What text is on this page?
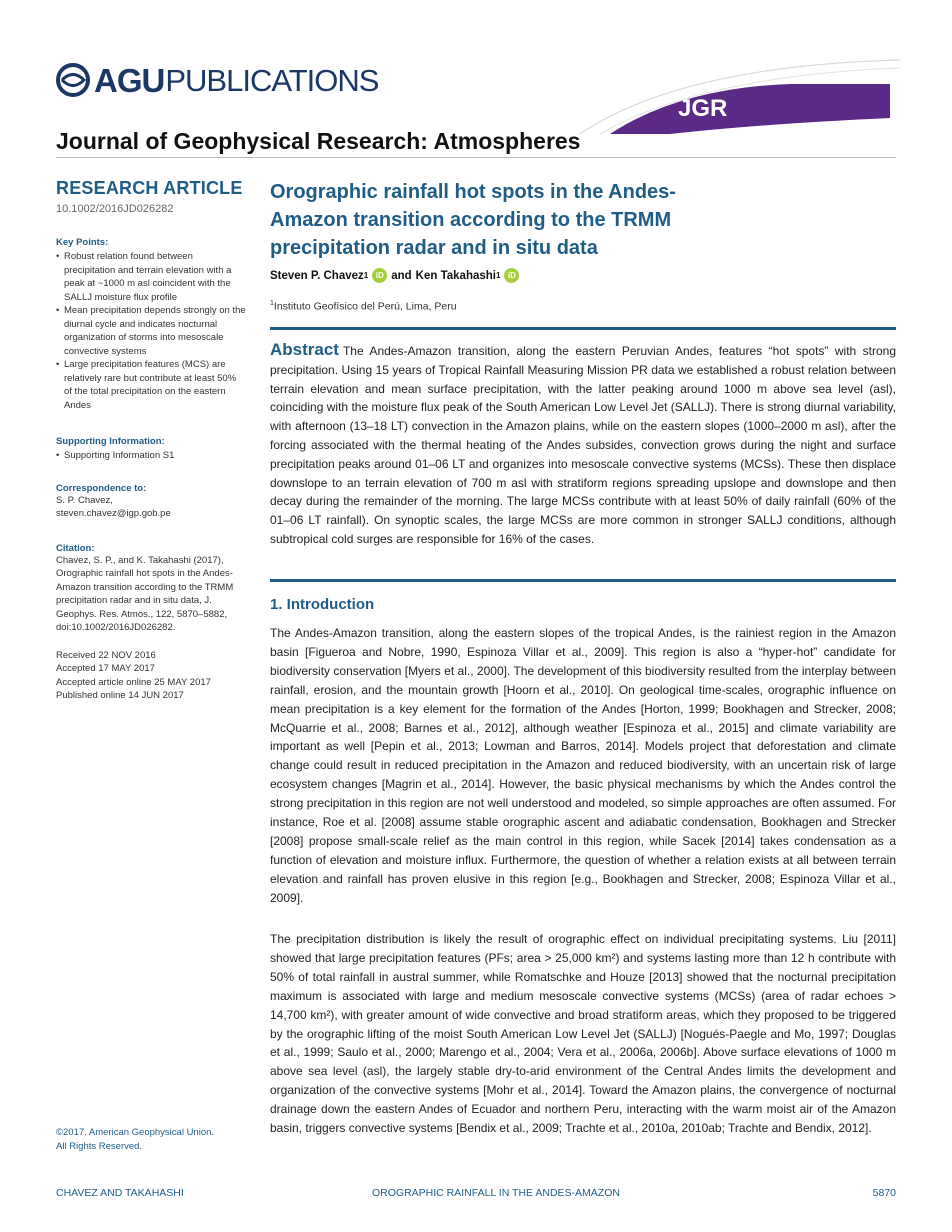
AGU PUBLICATIONS
JGR
Journal of Geophysical Research: Atmospheres
RESEARCH ARTICLE
10.1002/2016JD026282
Key Points:
• Robust relation found between precipitation and terrain elevation with a peak at ~1000 m asl coincident with the SALLJ moisture flux profile
• Mean precipitation depends strongly on the diurnal cycle and indicates nocturnal organization of storms into mesoscale convective systems
• Large precipitation features (MCS) are relatively rare but contribute at least 50% of the total precipitation on the eastern Andes
Supporting Information:
• Supporting Information S1
Correspondence to:
S. P. Chavez,
steven.chavez@igp.gob.pe
Citation:
Chavez, S. P., and K. Takahashi (2017), Orographic rainfall hot spots in the Andes-Amazon transition according to the TRMM precipitation radar and in situ data, J. Geophys. Res. Atmos., 122, 5870–5882, doi:10.1002/2016JD026282.
Received 22 NOV 2016
Accepted 17 MAY 2017
Accepted article online 25 MAY 2017
Published online 14 JUN 2017
©2017. American Geophysical Union.
All Rights Reserved.
Orographic rainfall hot spots in the Andes-Amazon transition according to the TRMM precipitation radar and in situ data
Steven P. Chavez 1 iD and Ken Takahashi 1 iD
$^1$Instituto Geofísico del Perú, Lima, Peru
Abstract The Andes-Amazon transition, along the eastern Peruvian Andes, features “hot spots” with strong precipitation. Using 15 years of Tropical Rainfall Measuring Mission PR data we established a robust relation between terrain elevation and mean surface precipitation, with the latter peaking around 1000 m above sea level (asl), coinciding with the moisture flux peak of the South American Low Level Jet (SALLJ). There is strong diurnal variability, with afternoon (13–18 LT) convection in the Amazon plains, while on the eastern slopes (1000–2000 m asl), after the forcing associated with the thermal heating of the Andes subsides, convection grows during the night and surface precipitation peaks around 01–06 LT and organizes into mesoscale convective systems (MCSs). These then displace downslope to an terrain elevation of 700 m asl with stratiform regions spreading upslope and downslope and then decay during the remainder of the morning. The large MCSs contribute with at least 50% of daily rainfall (60% of the 01–06 LT rainfall). On synoptic scales, the large MCSs are more common in stronger SALLJ conditions, although subtropical cold surges are responsible for 16% of the cases.
1. Introduction

The Andes-Amazon transition, along the eastern slopes of the tropical Andes, is the rainiest region in the Amazon basin [Figueroa and Nobre, 1990, Espinoza Villar et al., 2009]. This region is also a “hyper-hot” candidate for biodiversity conservation [Myers et al., 2000]. The development of this biodiversity resulted from the interplay between rainfall, erosion, and the mountain growth [Hoorn et al., 2010]. On geological time-scales, orographic influence on mean precipitation is a key element for the formation of the Andes [Horton, 1999; Bookhagen and Strecker, 2008; McQuarrie et al., 2008; Barnes et al., 2012], although weather [Espinoza et al., 2015] and climate variability are important as well [Pepin et al., 2013; Lowman and Barros, 2014]. Models project that deforestation and climate change could result in reduced precipitation in the Amazon and reduced biodiversity, with an uncertain risk of large ecosystem changes [Magrin et al., 2014]. However, the basic physical mechanisms by which the Andes control the strong precipitation in this region are not well understood and modeled, so simple approaches are often assumed. For instance, Roe et al. [2008] assume stable orographic ascent and adiabatic condensation, Bookhagen and Strecker [2008] propose small-scale relief as the main control in this region, while Sacek [2014] takes condensation as a function of elevation and moisture influx. Furthermore, the question of whether a relation exists at all between terrain elevation and rainfall has proven elusive in this region [e.g., Bookhagen and Strecker, 2008; Espinoza Villar et al., 2009].

The precipitation distribution is likely the result of orographic effect on individual precipitating systems. Liu [2011] showed that large precipitation features (PFs; area > 25,000 km²) and systems lasting more than 12 h contribute with 50% of total rainfall in austral summer, while Romatschke and Houze [2013] showed that the nocturnal precipitation maximum is associated with large and medium mesoscale convective systems (MCSs) (area of radar echoes > 14,700 km²), with greater amount of wide convective and broad stratiform areas, which they proposed to be triggered by the orographic lifting of the moist South American Low Level Jet (SALLJ) [Nogués-Paegle and Mo, 1997; Douglas et al., 1999; Saulo et al., 2000; Marengo et al., 2004; Vera et al., 2006a, 2006b]. Above surface elevations of 1000 m above sea level (asl), the largely stable dry-to-arid environment of the Central Andes limits the development and organization of the convective systems [Mohr et al., 2014]. Toward the Amazon plains, the convergence of nocturnal drainage down the eastern Andes of Ecuador and northern Peru, interacting with the warm moist air of the Amazon basin, triggers convective systems [Bendix et al., 2009; Trachte et al., 2010a, 2010ab; Trachte and Bendix, 2012].

CHAVEZ AND TAKAHASHI	OROGRAPHIC RAINFALL IN THE ANDES-AMAZON	5870
